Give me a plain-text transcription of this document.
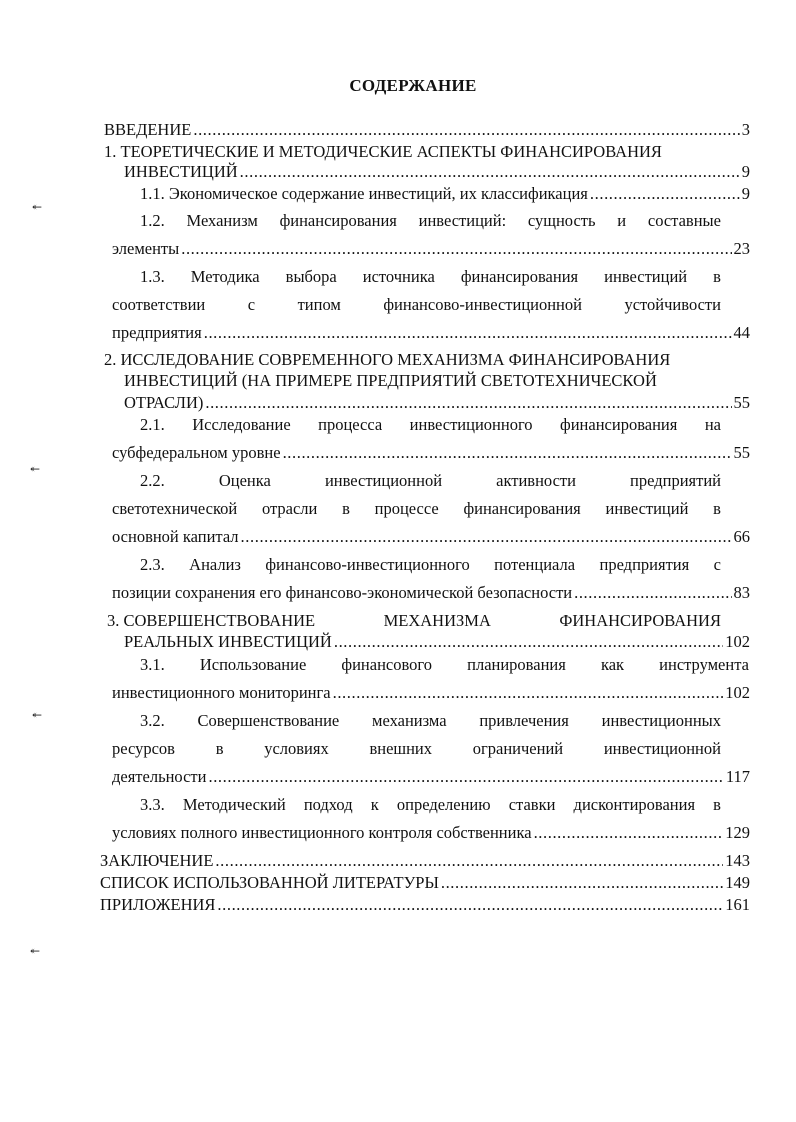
СОДЕРЖАНИЕ
ВВЕДЕНИЕ .....	3
1. ТЕОРЕТИЧЕСКИЕ И МЕТОДИЧЕСКИЕ АСПЕКТЫ ФИНАНСИРОВАНИЯ
ИНВЕСТИЦИЙ .....	9
1.1. Экономическое содержание инвестиций, их классификация .....	9
1.2. Механизм финансирования инвестиций: сущность и составные
элементы .....	23
1.3. Методика выбора источника финансирования инвестиций в
соответствии	с	типом	финансово-инвестиционной	устойчивости
предприятия .....	44
2. ИССЛЕДОВАНИЕ СОВРЕМЕННОГО МЕХАНИЗМА ФИНАНСИРОВАНИЯ
ИНВЕСТИЦИЙ (НА ПРИМЕРЕ ПРЕДПРИЯТИЙ СВЕТОТЕХНИЧЕСКОЙ
ОТРАСЛИ) .....	55
2.1. Исследование процесса инвестиционного финансирования на
субфедеральном уровне .....	55
2.2.	Оценка	инвестиционной	активности	предприятий
светотехнической отрасли в процессе финансирования инвестиций в
основной капитал .....	66
2.3. Анализ финансово-инвестиционного потенциала предприятия с
позиции сохранения его финансово-экономической безопасности .....	83
3. СОВЕРШЕНСТВОВАНИЕ	МЕХАНИЗМА	ФИНАНСИРОВАНИЯ
РЕАЛЬНЫХ ИНВЕСТИЦИЙ .....	102
3.1. Использование финансового планирования как инструмента
инвестиционного мониторинга .....	102
3.2. Совершенствование механизма привлечения инвестиционных
ресурсов в условиях внешних ограничений инвестиционной
деятельности .....	117
3.3. Методический подход к определению ставки дисконтирования в
условиях полного инвестиционного контроля собственника .....	129
ЗАКЛЮЧЕНИЕ .....	143
СПИСОК ИСПОЛЬЗОВАННОЙ ЛИТЕРАТУРЫ .....	149
ПРИЛОЖЕНИЯ .....	161
↞
↞
↞
↞
